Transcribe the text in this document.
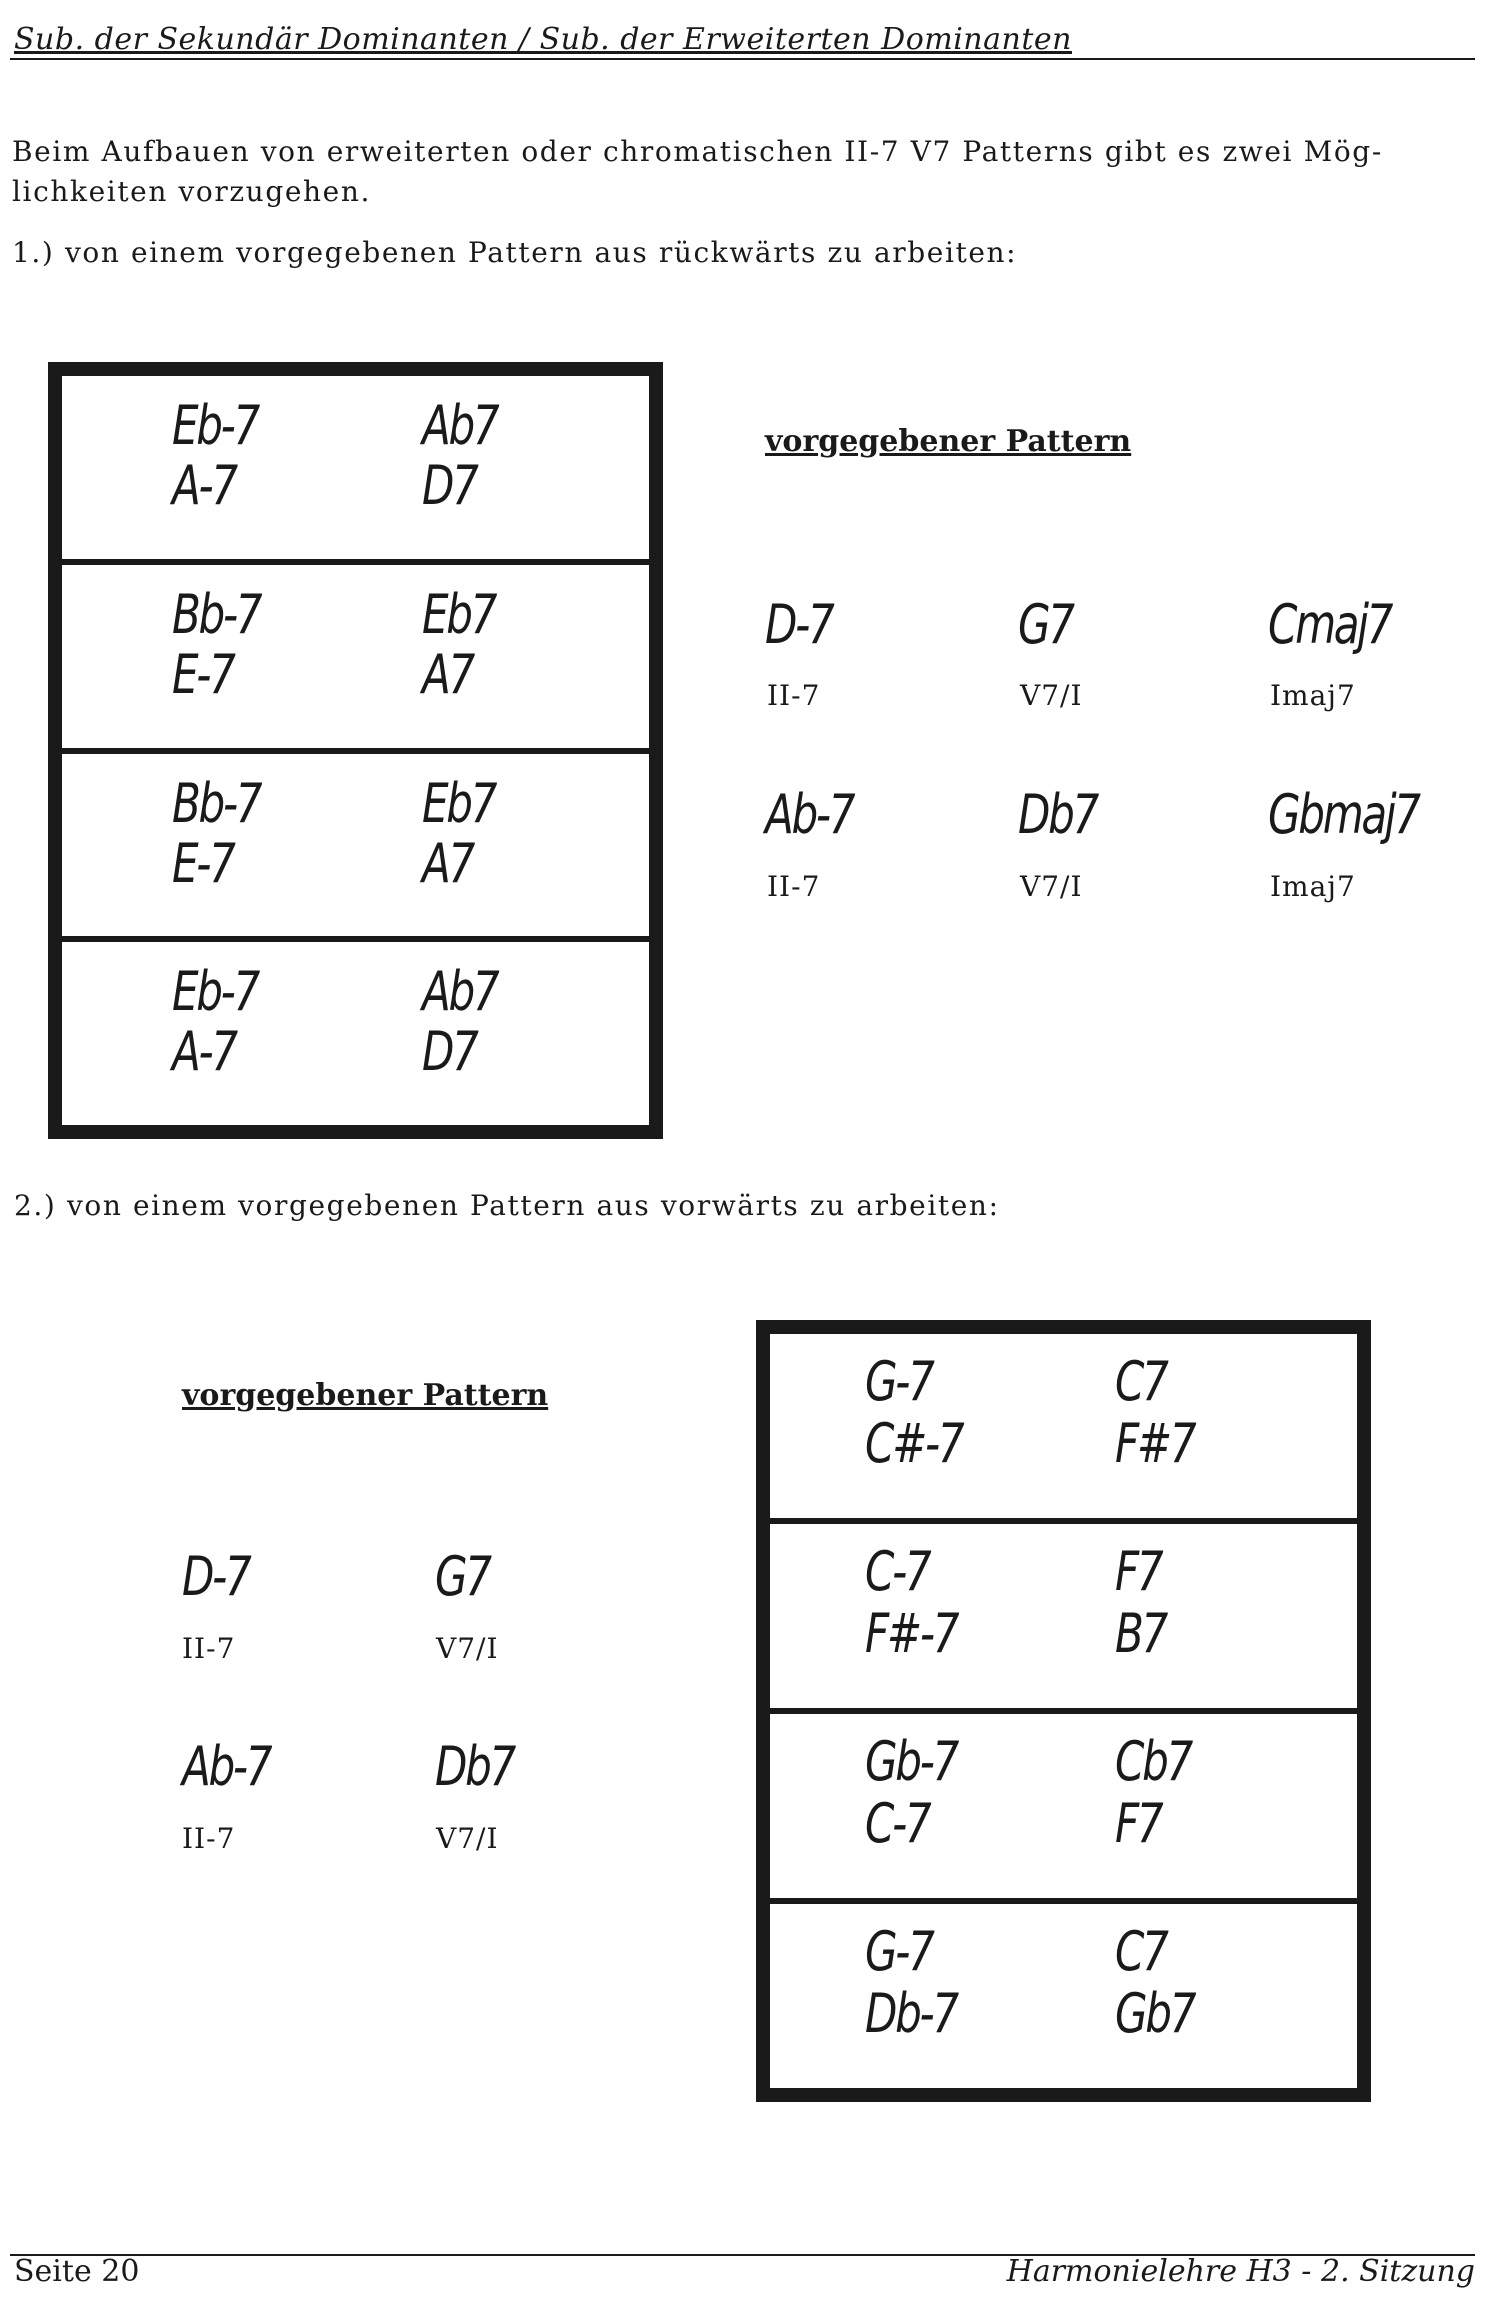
Sub. der Sekundär Dominanten / Sub. der Erweiterten Dominanten
Beim Aufbauen von erweiterten oder chromatischen II-7 V7 Patterns gibt es zwei Mög-
lichkeiten vorzugehen.
1.) von einem vorgegebenen Pattern aus rückwärts zu arbeiten:
Eb-7	Ab7
A-7	D7
Bb-7	Eb7
E-7	A7
Bb-7	Eb7
E-7	A7
Eb-7	Ab7
A-7	D7
vorgegebener Pattern
D-7	G7	Cmaj7
II-7	V7/I	Imaj7
Ab-7	Db7	Gbmaj7
II-7	V7/I	Imaj7
2.) von einem vorgegebenen Pattern aus vorwärts zu arbeiten:
vorgegebener Pattern
D-7	G7
II-7	V7/I
Ab-7	Db7
II-7	V7/I
G-7	C7
C#-7	F#7
C-7	F7
F#-7	B7
Gb-7	Cb7
C-7	F7
G-7	C7
Db-7	Gb7
Seite 20	Harmonielehre H3 - 2. Sitzung
